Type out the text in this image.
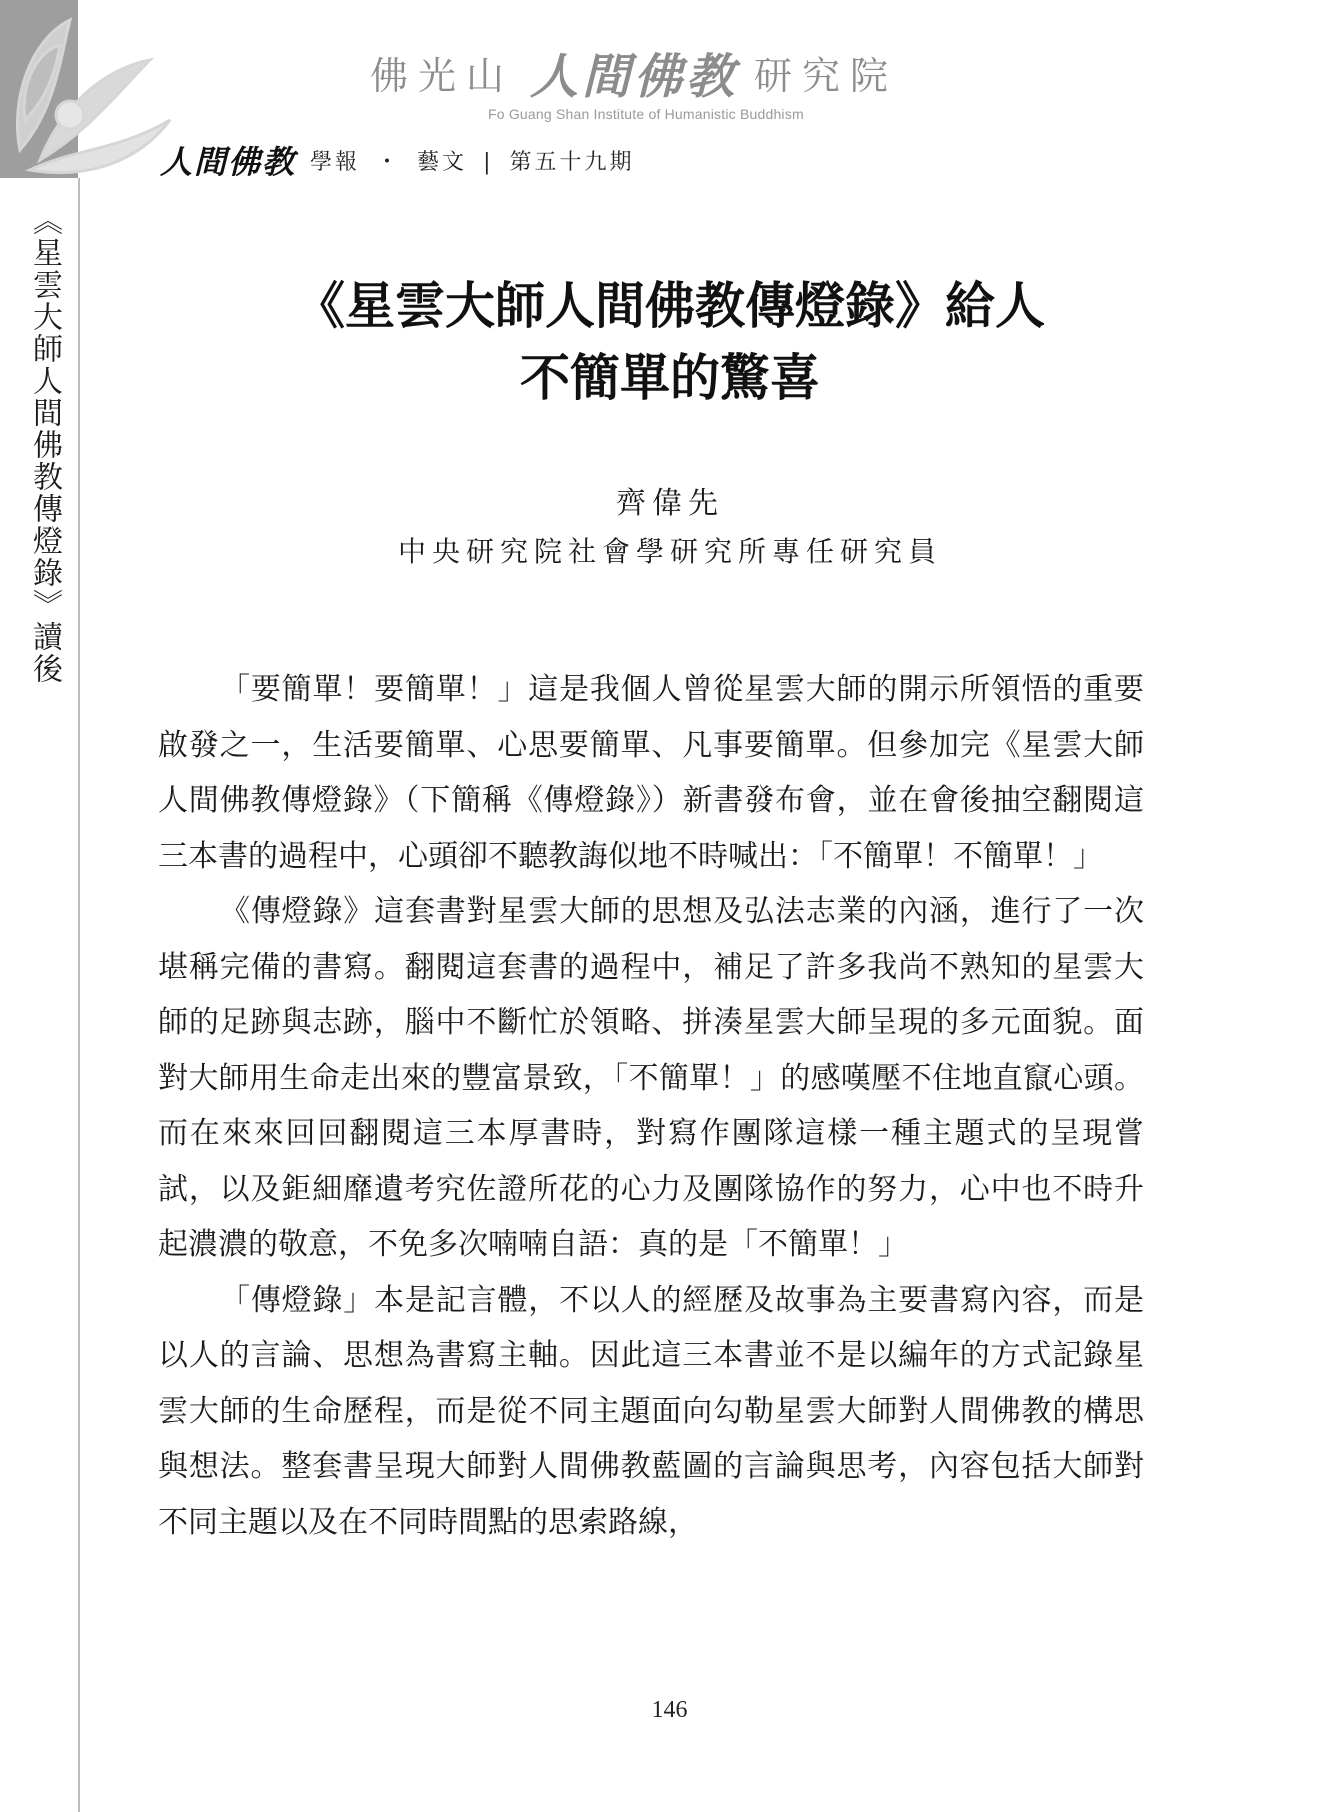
佛光山 人間佛教 研究院
Fo Guang Shan Institute of Humanistic Buddhism
人間佛教 學報 ・ 藝文 | 第五十九期
《星雲大師人間佛教傳燈錄》讀後	《星雲大師人間佛教傳燈錄》給人
不簡單的驚喜
齊偉先
中央研究院社會學研究所專任研究員

「要簡單！要簡單！」這是我個人曾從星雲大師的開示所領悟的重要啟發之一，生活要簡單、心思要簡單、凡事要簡單。但參加完《星雲大師人間佛教傳燈錄》（下簡稱《傳燈錄》）新書發布會，並在會後抽空翻閱這三本書的過程中，心頭卻不聽教誨似地不時喊出：「不簡單！不簡單！」

《傳燈錄》這套書對星雲大師的思想及弘法志業的內涵，進行了一次堪稱完備的書寫。翻閱這套書的過程中，補足了許多我尚不熟知的星雲大師的足跡與志跡，腦中不斷忙於領略、拼湊星雲大師呈現的多元面貌。面對大師用生命走出來的豐富景致，「不簡單！」的感嘆壓不住地直竄心頭。而在來來回回翻閱這三本厚書時，對寫作團隊這樣一種主題式的呈現嘗試，以及鉅細靡遺考究佐證所花的心力及團隊協作的努力，心中也不時升起濃濃的敬意，不免多次喃喃自語：真的是「不簡單！」

「傳燈錄」本是記言體，不以人的經歷及故事為主要書寫內容，而是以人的言論、思想為書寫主軸。因此這三本書並不是以編年的方式記錄星雲大師的生命歷程，而是從不同主題面向勾勒星雲大師對人間佛教的構思與想法。整套書呈現大師對人間佛教藍圖的言論與思考，內容包括大師對不同主題以及在不同時間點的思索路線，

146
